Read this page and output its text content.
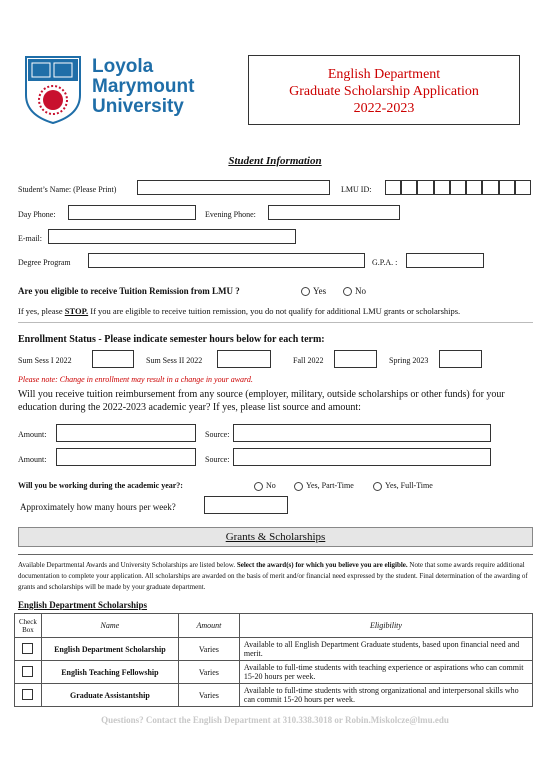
Loyola
Marymount
University
English Department
Graduate Scholarship Application
2022-2023
Student Information
Student’s Name: (Please Print)	LMU ID:
Day Phone:	Evening Phone:
E-mail:
Degree Program	G.P.A. :
Are you eligible to receive Tuition Remission from LMU ?	Yes	No
If yes, please STOP. If you are eligible to receive tuition remission, you do not qualify for additional LMU grants or scholarships.
Enrollment Status - Please indicate semester hours below for each term:
Sum Sess I 2022	Sum Sess II 2022	Fall 2022	Spring 2023
Please note: Change in enrollment may result in a change in your award.
Will you receive tuition reimbursement from any source (employer, military, outside scholarships or other funds) for your education during the 2022-2023 academic year? If yes, please list source and amount:
Amount:	Source:
Amount:	Source:
Will you be working during the academic year?:	No	Yes, Part-Time	Yes, Full-Time
Approximately how many hours per week?
Grants & Scholarships
Available Departmental Awards and University Scholarships are listed below. Select the award(s) for which you believe you are eligible. Note that some awards require additional documentation to complete your application. All scholarships are awarded on the basis of merit and/or financial need expressed by the student. Final determination of the awarding of grants and scholarships will be made by your graduate department.
English Department Scholarships
Check Box	Name	Amount	Eligibility
	English Department Scholarship	Varies	Available to all English Department Graduate students, based upon financial need and merit.
	English Teaching Fellowship	Varies	Available to full-time students with teaching experience or aspirations who can commit 15-20 hours per week.
	Graduate Assistantship	Varies	Available to full-time students with strong organizational and interpersonal skills who can commit 15-20 hours per week.
Questions? Contact the English Department at 310.338.3018 or Robin.Miskolcze@lmu.edu
